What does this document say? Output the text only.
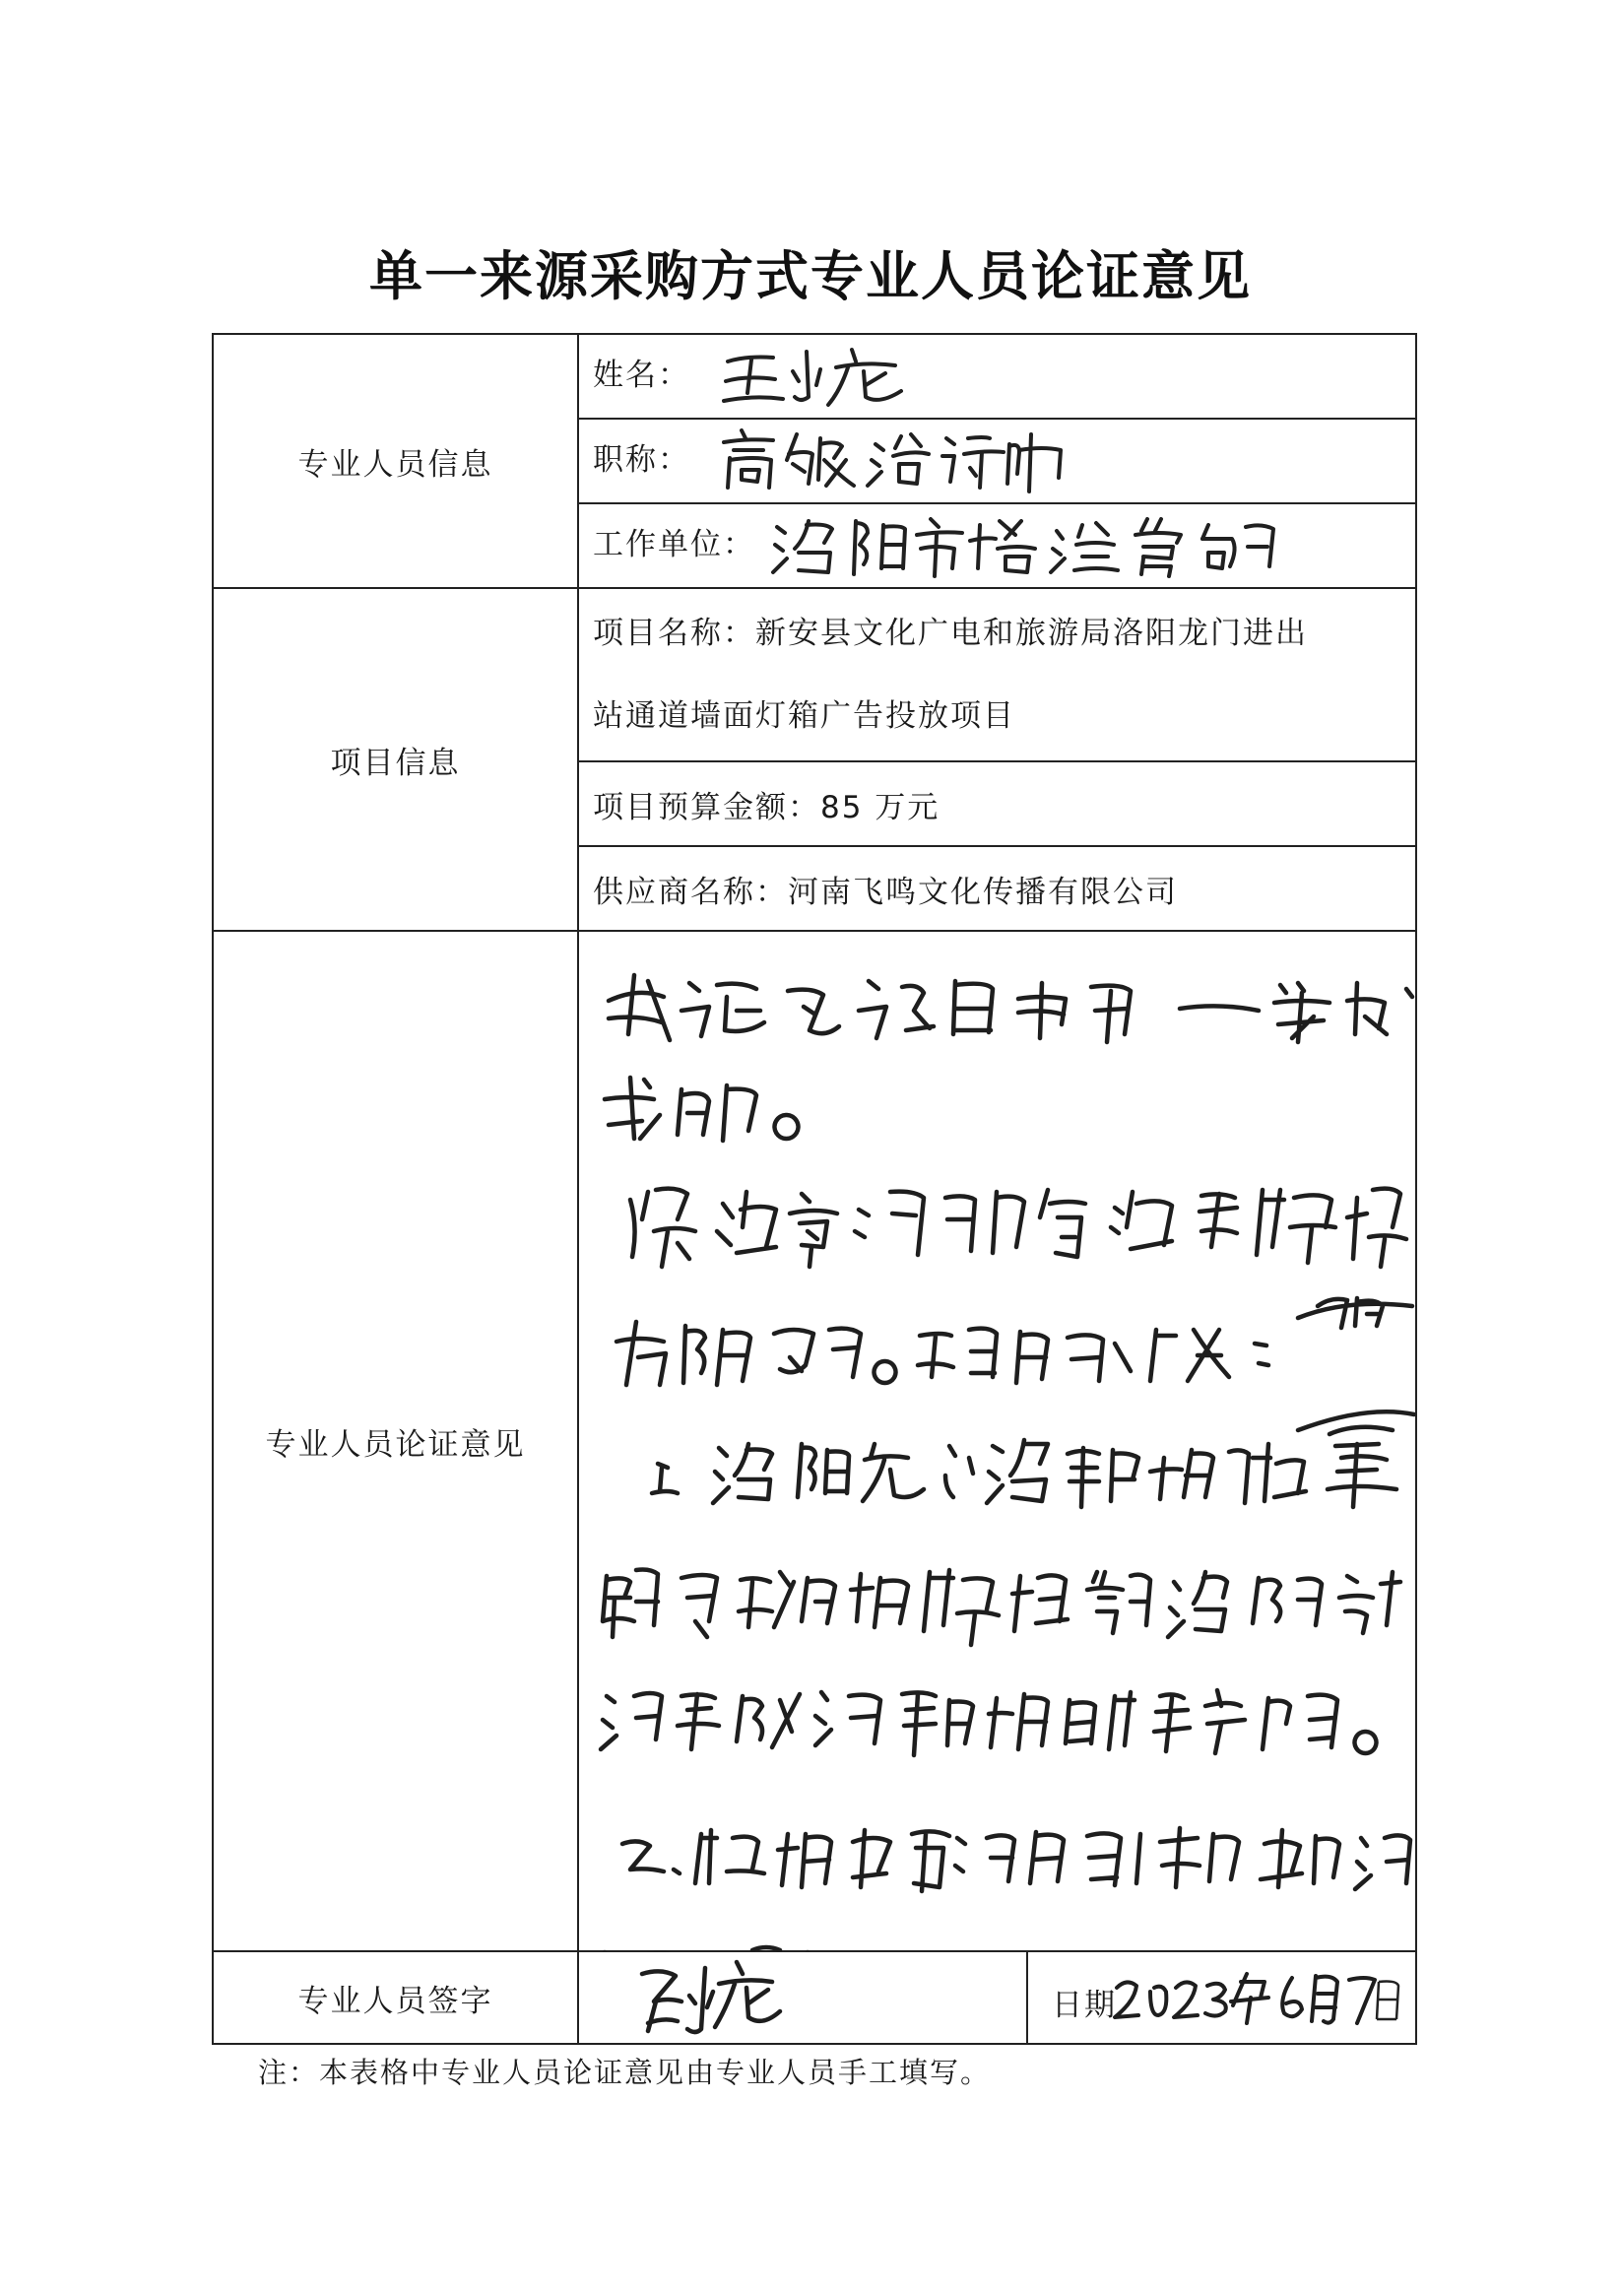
单一来源采购方式专业人员论证意见
专业人员信息	姓名：	

	职称：	

	工作单位：	

项目信息	项目名称：新安县文化广电和旅游局洛阳龙门进出
站通道墙面灯箱广告投放项目	

	项目预算金额：85 万元	
	供应商名称：河南飞鸣文化传播有限公司	
专业人员论证意见	

专业人员签字		日期
注：本表格中专业人员论证意见由专业人员手工填写。
